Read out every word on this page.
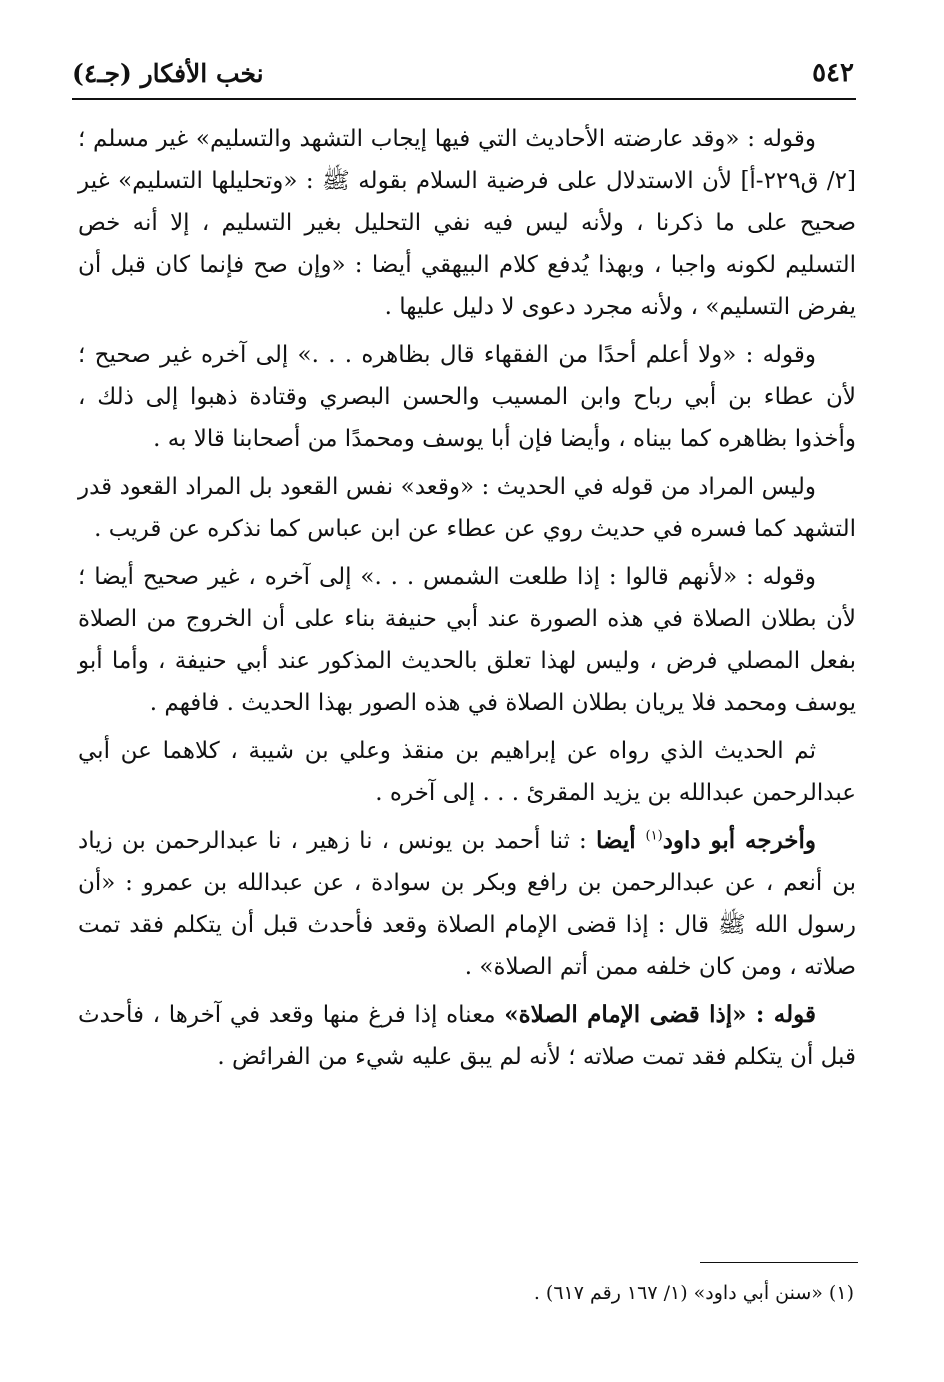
٥٤٢
نخب الأفكار (جـ٤)

وقوله : «وقد عارضته الأحاديث التي فيها إيجاب التشهد والتسليم» غير مسلم ؛ [٢/ ق٢٢٩-أ] لأن الاستدلال على فرضية السلام بقوله ﷺ : «وتحليلها التسليم» غير صحيح على ما ذكرنا ، ولأنه ليس فيه نفي التحليل بغير التسليم ، إلا أنه خص التسليم لكونه واجبا ، وبهذا يُدفع كلام البيهقي أيضا : «وإن صح فإنما كان قبل أن يفرض التسليم» ، ولأنه مجرد دعوى لا دليل عليها .

وقوله : «ولا أعلم أحدًا من الفقهاء قال بظاهره . . .» إلى آخره غير صحيح ؛ لأن عطاء بن أبي رباح وابن المسيب والحسن البصري وقتادة ذهبوا إلى ذلك ، وأخذوا بظاهره كما بيناه ، وأيضا فإن أبا يوسف ومحمدًا من أصحابنا قالا به .

وليس المراد من قوله في الحديث : «وقعد» نفس القعود بل المراد القعود قدر التشهد كما فسره في حديث روي عن عطاء عن ابن عباس كما نذكره عن قريب .

وقوله : «لأنهم قالوا : إذا طلعت الشمس . . .» إلى آخره ، غير صحيح أيضا ؛ لأن بطلان الصلاة في هذه الصورة عند أبي حنيفة بناء على أن الخروج من الصلاة بفعل المصلي فرض ، وليس لهذا تعلق بالحديث المذكور عند أبي حنيفة ، وأما أبو يوسف ومحمد فلا يريان بطلان الصلاة في هذه الصور بهذا الحديث . فافهم .

ثم الحديث الذي رواه عن إبراهيم بن منقذ وعلي بن شيبة ، كلاهما عن أبي عبدالرحمن عبدالله بن يزيد المقرئ . . . إلى آخره .

وأخرجه أبو داود$^{(١)}$ أيضا : ثنا أحمد بن يونس ، نا زهير ، نا عبدالرحمن بن زياد بن أنعم ، عن عبدالرحمن بن رافع وبكر بن سوادة ، عن عبدالله بن عمرو : «أن رسول الله ﷺ قال : إذا قضى الإمام الصلاة وقعد فأحدث قبل أن يتكلم فقد تمت صلاته ، ومن كان خلفه ممن أتم الصلاة» .

قوله : «إذا قضى الإمام الصلاة» معناه إذا فرغ منها وقعد في آخرها ، فأحدث قبل أن يتكلم فقد تمت صلاته ؛ لأنه لم يبق عليه شيء من الفرائض .

(١) «سنن أبي داود» (١/ ١٦٧ رقم ٦١٧) .
